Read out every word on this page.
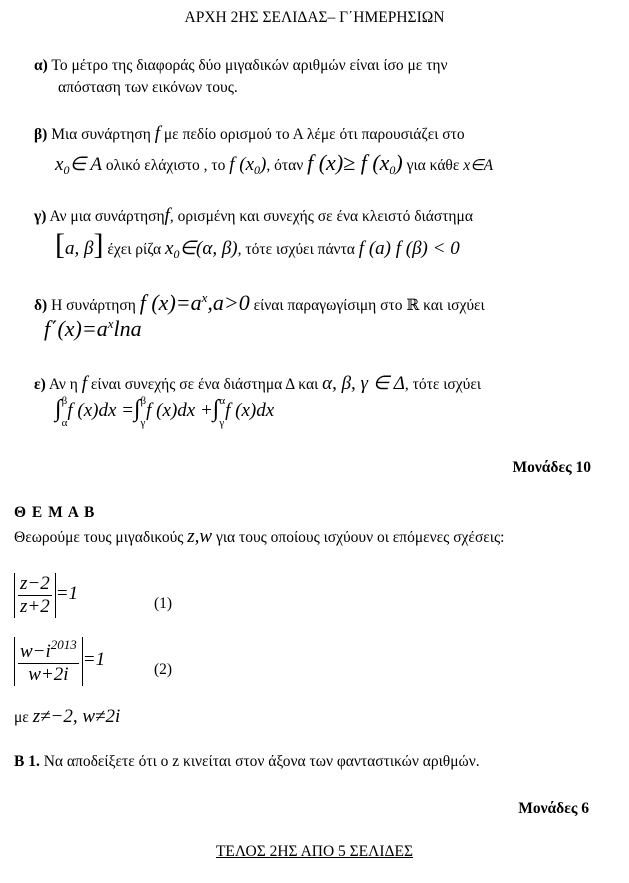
ΑΡΧΗ 2ΗΣ ΣΕΛΙΔΑΣ– Γ΄ΗΜΕΡΗΣΙΩΝ
α) Το μέτρο της διαφοράς δύο μιγαδικών αριθμών είναι ίσο με την
απόσταση των εικόνων τους.
β) Μια συνάρτηση f με πεδίο ορισμού το Α λέμε ότι παρουσιάζει στο
$x_0\in$ A ολικό ελάχιστο , το f $(x_0)$, όταν f (x)≥ f $(x_0)$ για κάθε x∈A
γ) Αν μια συνάρτησηf, ορισμένη και συνεχής σε ένα κλειστό διάστημα
[a, β] έχει ρίζα $x_0\in(\alpha$, β), τότε ισχύει πάντα f (a) f (β) < 0
δ) Η συνάρτηση f $(x)=a^x,a>0$ είναι παραγωγίσιμη στο ℝ και ισχύει
$f΄(x)=a^x\ln a$
ε) Αν η f είναι συνεχής σε ένα διάστημα Δ και α, β, γ ∈ Δ, τότε ισχύει
∫β

αf (x)dx =∫β

γf (x)dx +∫α

γf (x)dx
Μονάδες 10
Θ Ε Μ Α Β
Θεωρούμε τους μιγαδικούς z,w για τους οποίους ισχύουν οι επόμενες σχέσεις:
$\frac{z-2}{z+2} =1$	(1)
$\frac{w-i^{2013}}{\overline{w}+2i} =1$	(2)
με z≠−2, w≠2i
Β 1. Να αποδείξετε ότι ο z κινείται στον άξονα των φανταστικών αριθμών.
Μονάδες 6
ΤΕΛΟΣ 2ΗΣ ΑΠΟ 5 ΣΕΛΙΔΕΣ
